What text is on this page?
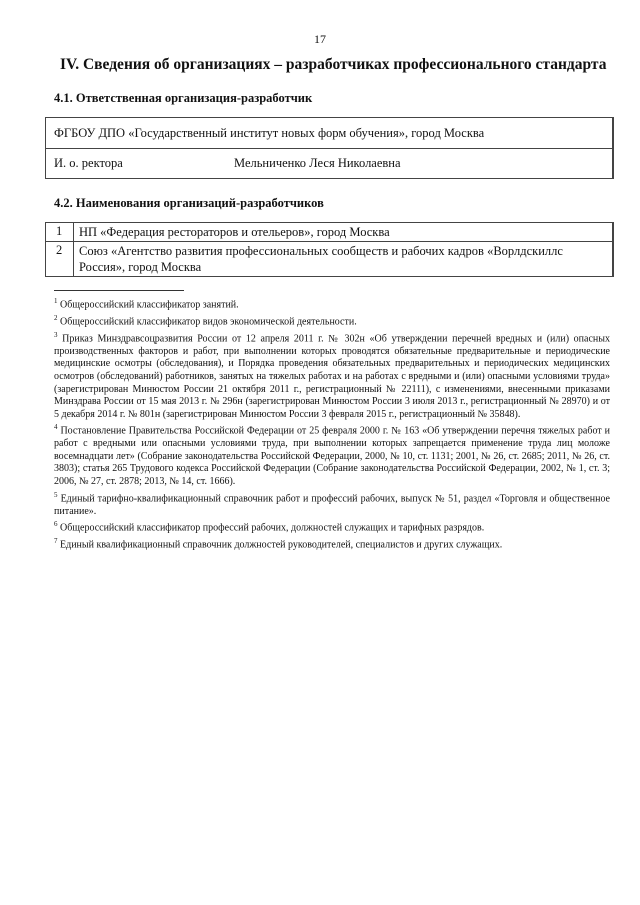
17
IV. Сведения об организациях – разработчиках профессионального стандарта
4.1. Ответственная организация-разработчик
ФГБОУ ДПО «Государственный институт новых форм обучения», город Москва
И. о. ректора	Мельниченко Леся Николаевна
4.2. Наименования организаций-разработчиков
1	НП «Федерация рестораторов и отельеров», город Москва
2	Союз «Агентство развития профессиональных сообществ и рабочих кадров «Ворлдскиллс Россия», город Москва

$^1$ Общероссийский классификатор занятий.

$^2$ Общероссийский классификатор видов экономической деятельности.

$^3$ Приказ Минздравсоцразвития России от 12 апреля 2011 г. № 302н «Об утверждении перечней вредных и (или) опасных производственных факторов и работ, при выполнении которых проводятся обязательные предварительные и периодические медицинские осмотры (обследования), и Порядка проведения обязательных предварительных и периодических медицинских осмотров (обследований) работников, занятых на тяжелых работах и на работах с вредными и (или) опасными условиями труда» (зарегистрирован Минюстом России 21 октября 2011 г., регистрационный № 22111), с изменениями, внесенными приказами Минздрава России от 15 мая 2013 г. № 296н (зарегистрирован Минюстом России 3 июля 2013 г., регистрационный № 28970) и от 5 декабря 2014 г. № 801н (зарегистрирован Минюстом России 3 февраля 2015 г., регистрационный № 35848).

$^4$ Постановление Правительства Российской Федерации от 25 февраля 2000 г. № 163 «Об утверждении перечня тяжелых работ и работ с вредными или опасными условиями труда, при выполнении которых запрещается применение труда лиц моложе восемнадцати лет» (Собрание законодательства Российской Федерации, 2000, № 10, ст. 1131; 2001, № 26, ст. 2685; 2011, № 26, ст. 3803); статья 265 Трудового кодекса Российской Федерации (Собрание законодательства Российской Федерации, 2002, № 1, ст. 3; 2006, № 27, ст. 2878; 2013, № 14, ст. 1666).

$^5$ Единый тарифно-квалификационный справочник работ и профессий рабочих, выпуск № 51, раздел «Торговля и общественное питание».

$^6$ Общероссийский классификатор профессий рабочих, должностей служащих и тарифных разрядов.

$^7$ Единый квалификационный справочник должностей руководителей, специалистов и других служащих.
